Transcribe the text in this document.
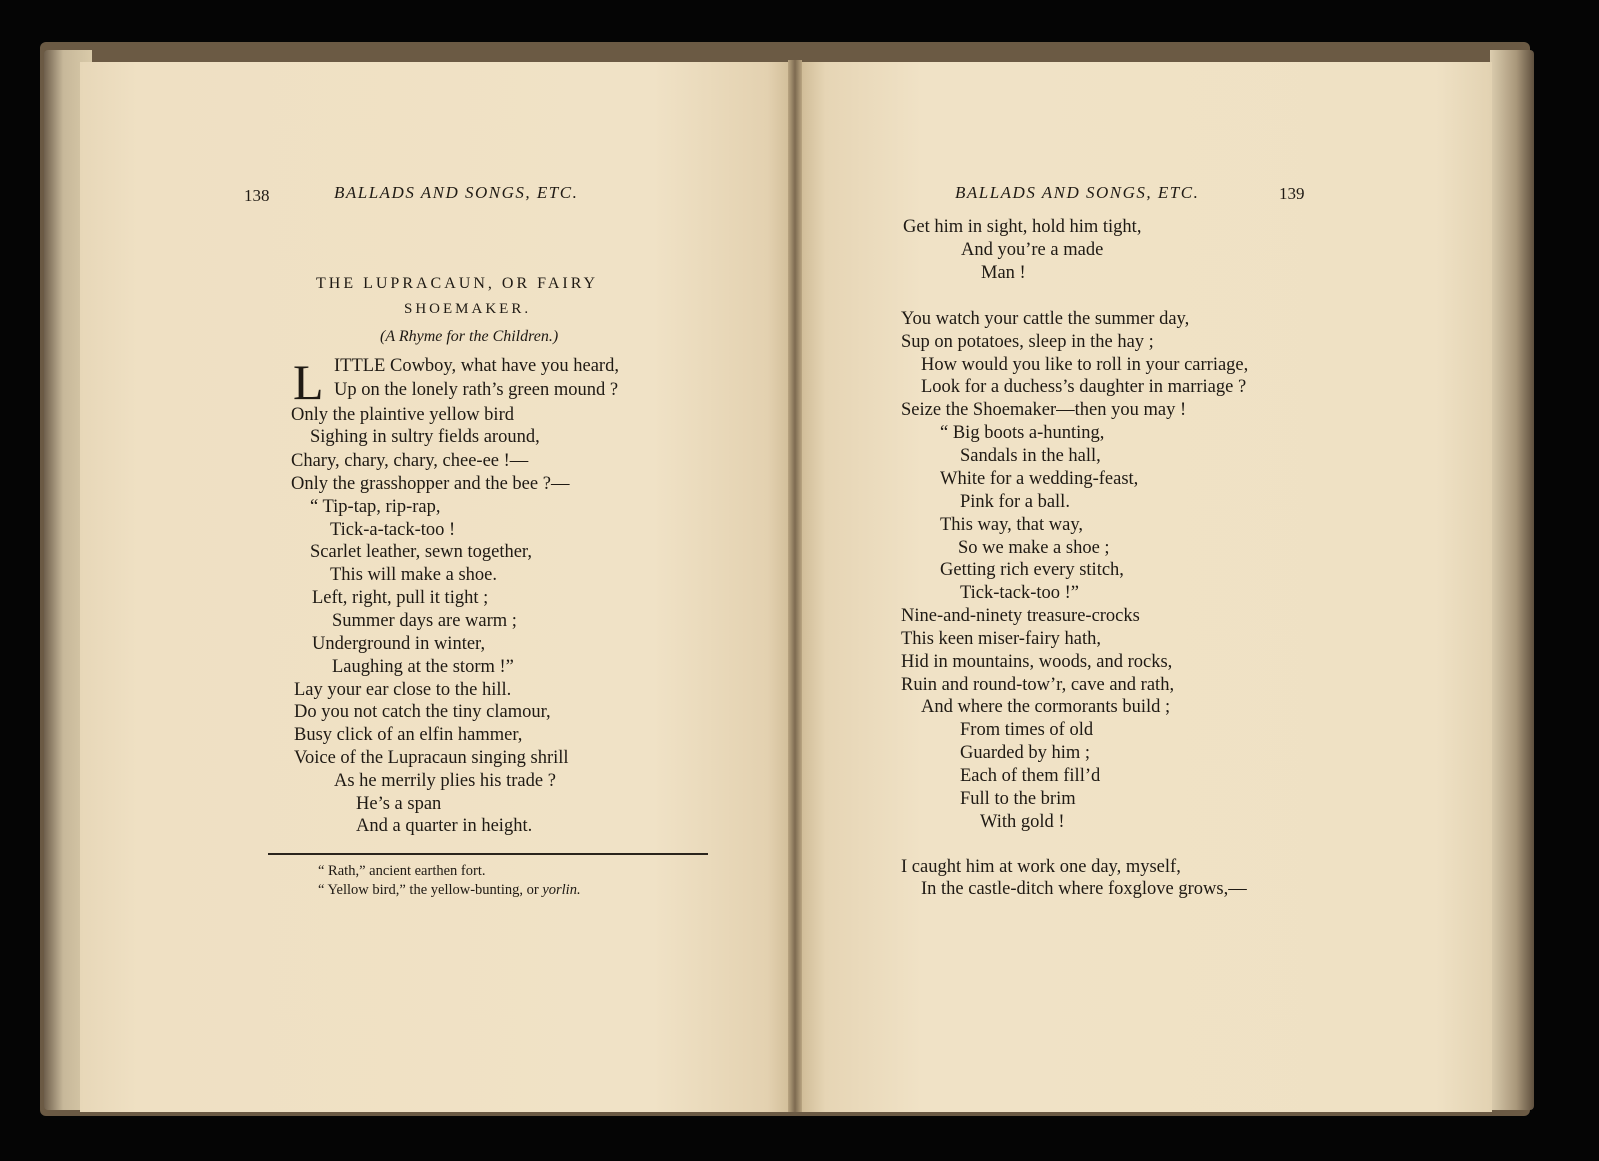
138	BALLADS AND SONGS, ETC.
THE LUPRACAUN, OR FAIRY
SHOEMAKER.
(A Rhyme for the Children.)
L ITTLE Cowboy, what have you heard,
Up on the lonely rath’s green mound ?
Only the plaintive yellow bird
Sighing in sultry fields around,
Chary, chary, chary, chee-ee !—
Only the grasshopper and the bee ?—
“ Tip-tap, rip-rap,
Tick-a-tack-too !
Scarlet leather, sewn together,
This will make a shoe.
Left, right, pull it tight ;
Summer days are warm ;
Underground in winter,
Laughing at the storm !”
Lay your ear close to the hill.
Do you not catch the tiny clamour,
Busy click of an elfin hammer,
Voice of the Lupracaun singing shrill
As he merrily plies his trade ?
He’s a span
And a quarter in height.
“ Rath,” ancient earthen fort.
“ Yellow bird,” the yellow-bunting, or yorlin.
BALLADS AND SONGS, ETC.	139
Get him in sight, hold him tight,
And you’re a made
Man !
You watch your cattle the summer day,
Sup on potatoes, sleep in the hay ;
How would you like to roll in your carriage,
Look for a duchess’s daughter in marriage ?
Seize the Shoemaker—then you may !
“ Big boots a-hunting,
Sandals in the hall,
White for a wedding-feast,
Pink for a ball.
This way, that way,
So we make a shoe ;
Getting rich every stitch,
Tick-tack-too !”
Nine-and-ninety treasure-crocks
This keen miser-fairy hath,
Hid in mountains, woods, and rocks,
Ruin and round-tow’r, cave and rath,
And where the cormorants build ;
From times of old
Guarded by him ;
Each of them fill’d
Full to the brim
With gold !
I caught him at work one day, myself,
In the castle-ditch where foxglove grows,—
